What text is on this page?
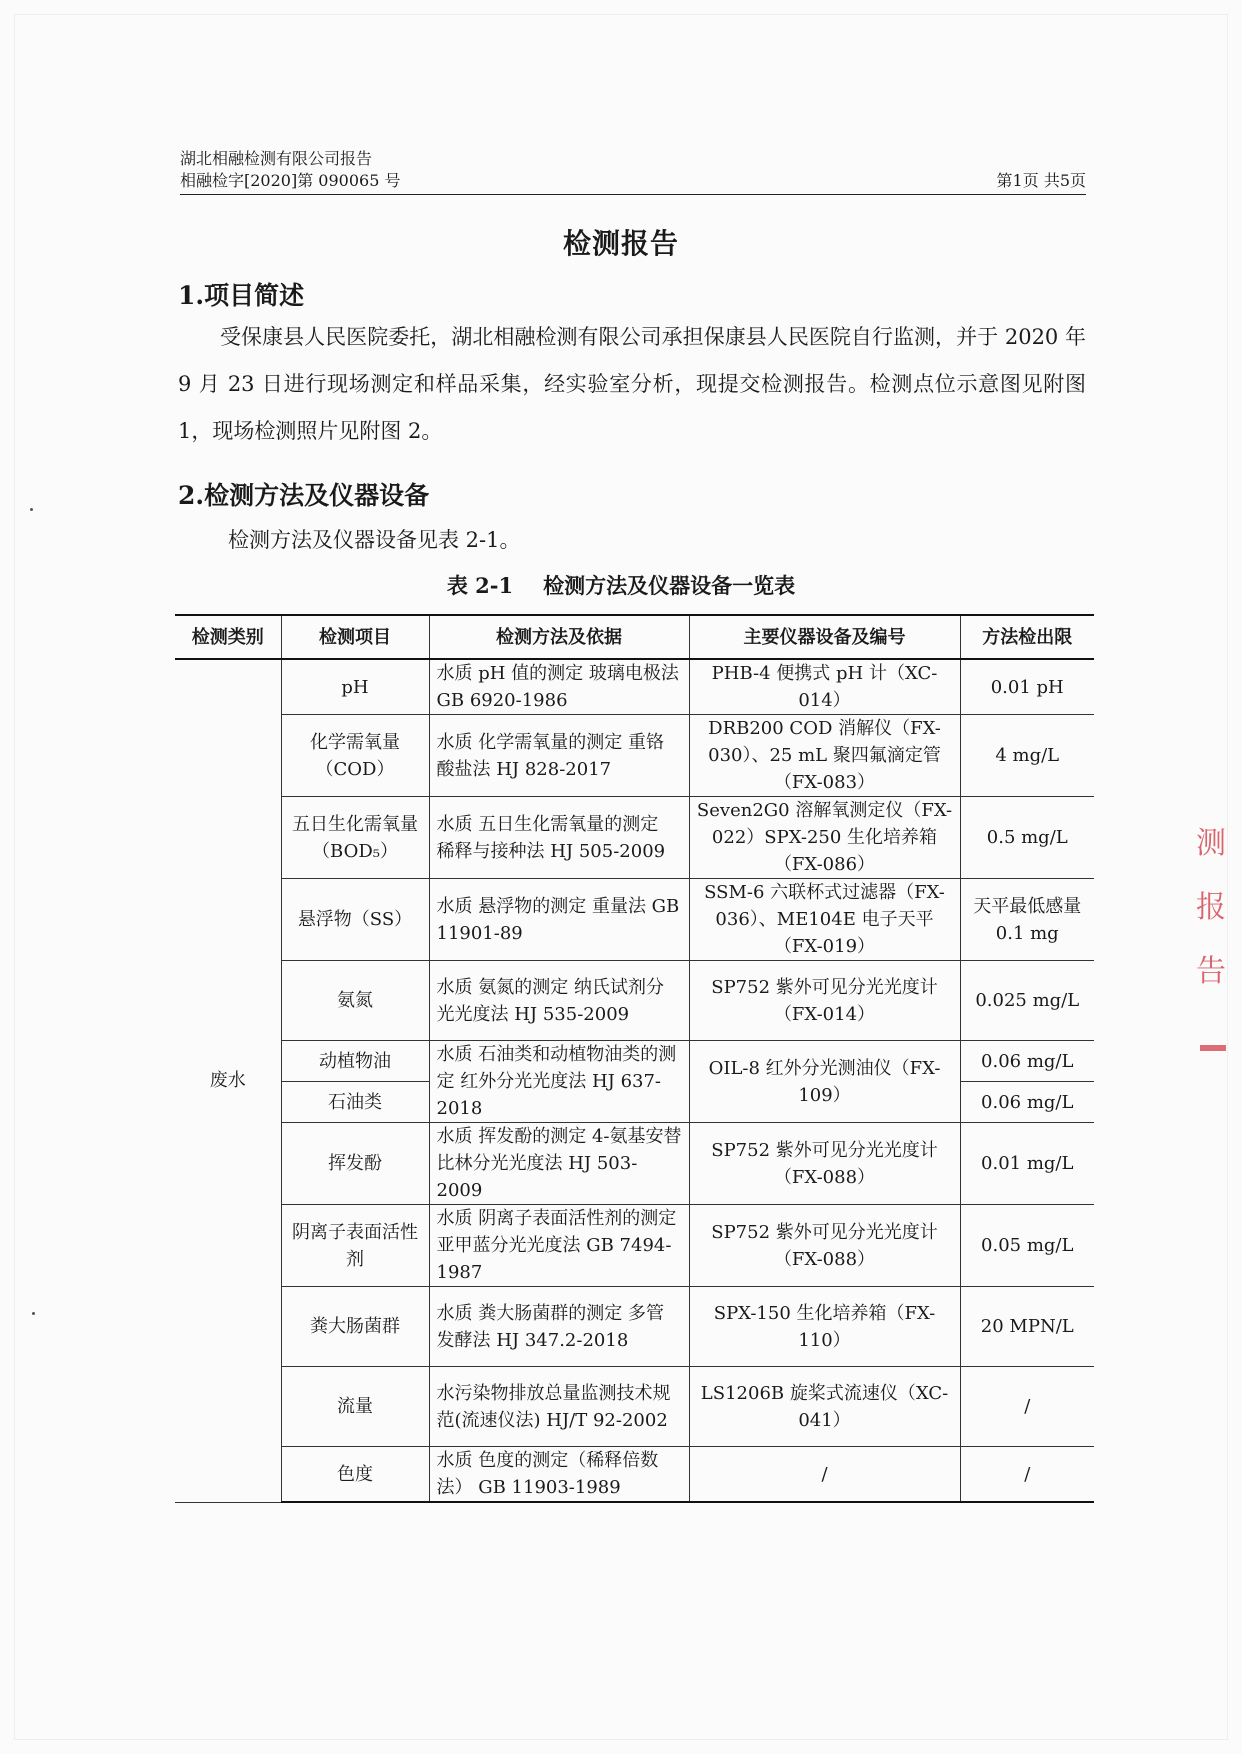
湖北相融检测有限公司报告
相融检字[2020]第 090065 号	第1页 共5页
检测报告
1.项目简述
受保康县人民医院委托，湖北相融检测有限公司承担保康县人民医院自行监测，并于 2020 年 9 月 23 日进行现场测定和样品采集，经实验室分析，现提交检测报告。检测点位示意图见附图 1，现场检测照片见附图 2。
2.检测方法及仪器设备
检测方法及仪器设备见表 2-1。
表 2-1 检测方法及仪器设备一览表
检测类别	检测项目	检测方法及依据	主要仪器设备及编号	方法检出限
废水	pH	水质 pH 值的测定 玻璃电极法 GB 6920-1986	PHB-4 便携式 pH 计（XC-014）	0.01 pH
	化学需氧量（COD）	水质 化学需氧量的测定 重铬酸盐法 HJ 828-2017	DRB200 COD 消解仪（FX-030）、25 mL 聚四氟滴定管（FX-083）	4 mg/L
	五日生化需氧量（BOD₅）	水质 五日生化需氧量的测定 稀释与接种法 HJ 505-2009	Seven2G0 溶解氧测定仪（FX-022）SPX-250 生化培养箱（FX-086）	0.5 mg/L
	悬浮物（SS）	水质 悬浮物的测定 重量法 GB 11901-89	SSM-6 六联杯式过滤器（FX-036）、ME104E 电子天平（FX-019）	天平最低感量 0.1 mg
	氨氮	水质 氨氮的测定 纳氏试剂分光光度法 HJ 535-2009	SP752 紫外可见分光光度计（FX-014）	0.025 mg/L
	动植物油	水质 石油类和动植物油类的测定 红外分光光度法 HJ 637-2018	OIL-8 红外分光测油仪（FX-109）	0.06 mg/L
	石油类			0.06 mg/L
	挥发酚	水质 挥发酚的测定 4-氨基安替比林分光光度法 HJ 503-2009	SP752 紫外可见分光光度计（FX-088）	0.01 mg/L
	阴离子表面活性剂	水质 阴离子表面活性剂的测定 亚甲蓝分光光度法 GB 7494-1987	SP752 紫外可见分光光度计（FX-088）	0.05 mg/L
	粪大肠菌群	水质 粪大肠菌群的测定 多管发酵法 HJ 347.2-2018	SPX-150 生化培养箱（FX-110）	20 MPN/L
	流量	水污染物排放总量监测技术规范(流速仪法) HJ/T 92-2002	LS1206B 旋桨式流速仪（XC-041）	/
	色度	水质 色度的测定（稀释倍数法） GB 11903-1989	/	/
测
报
告
